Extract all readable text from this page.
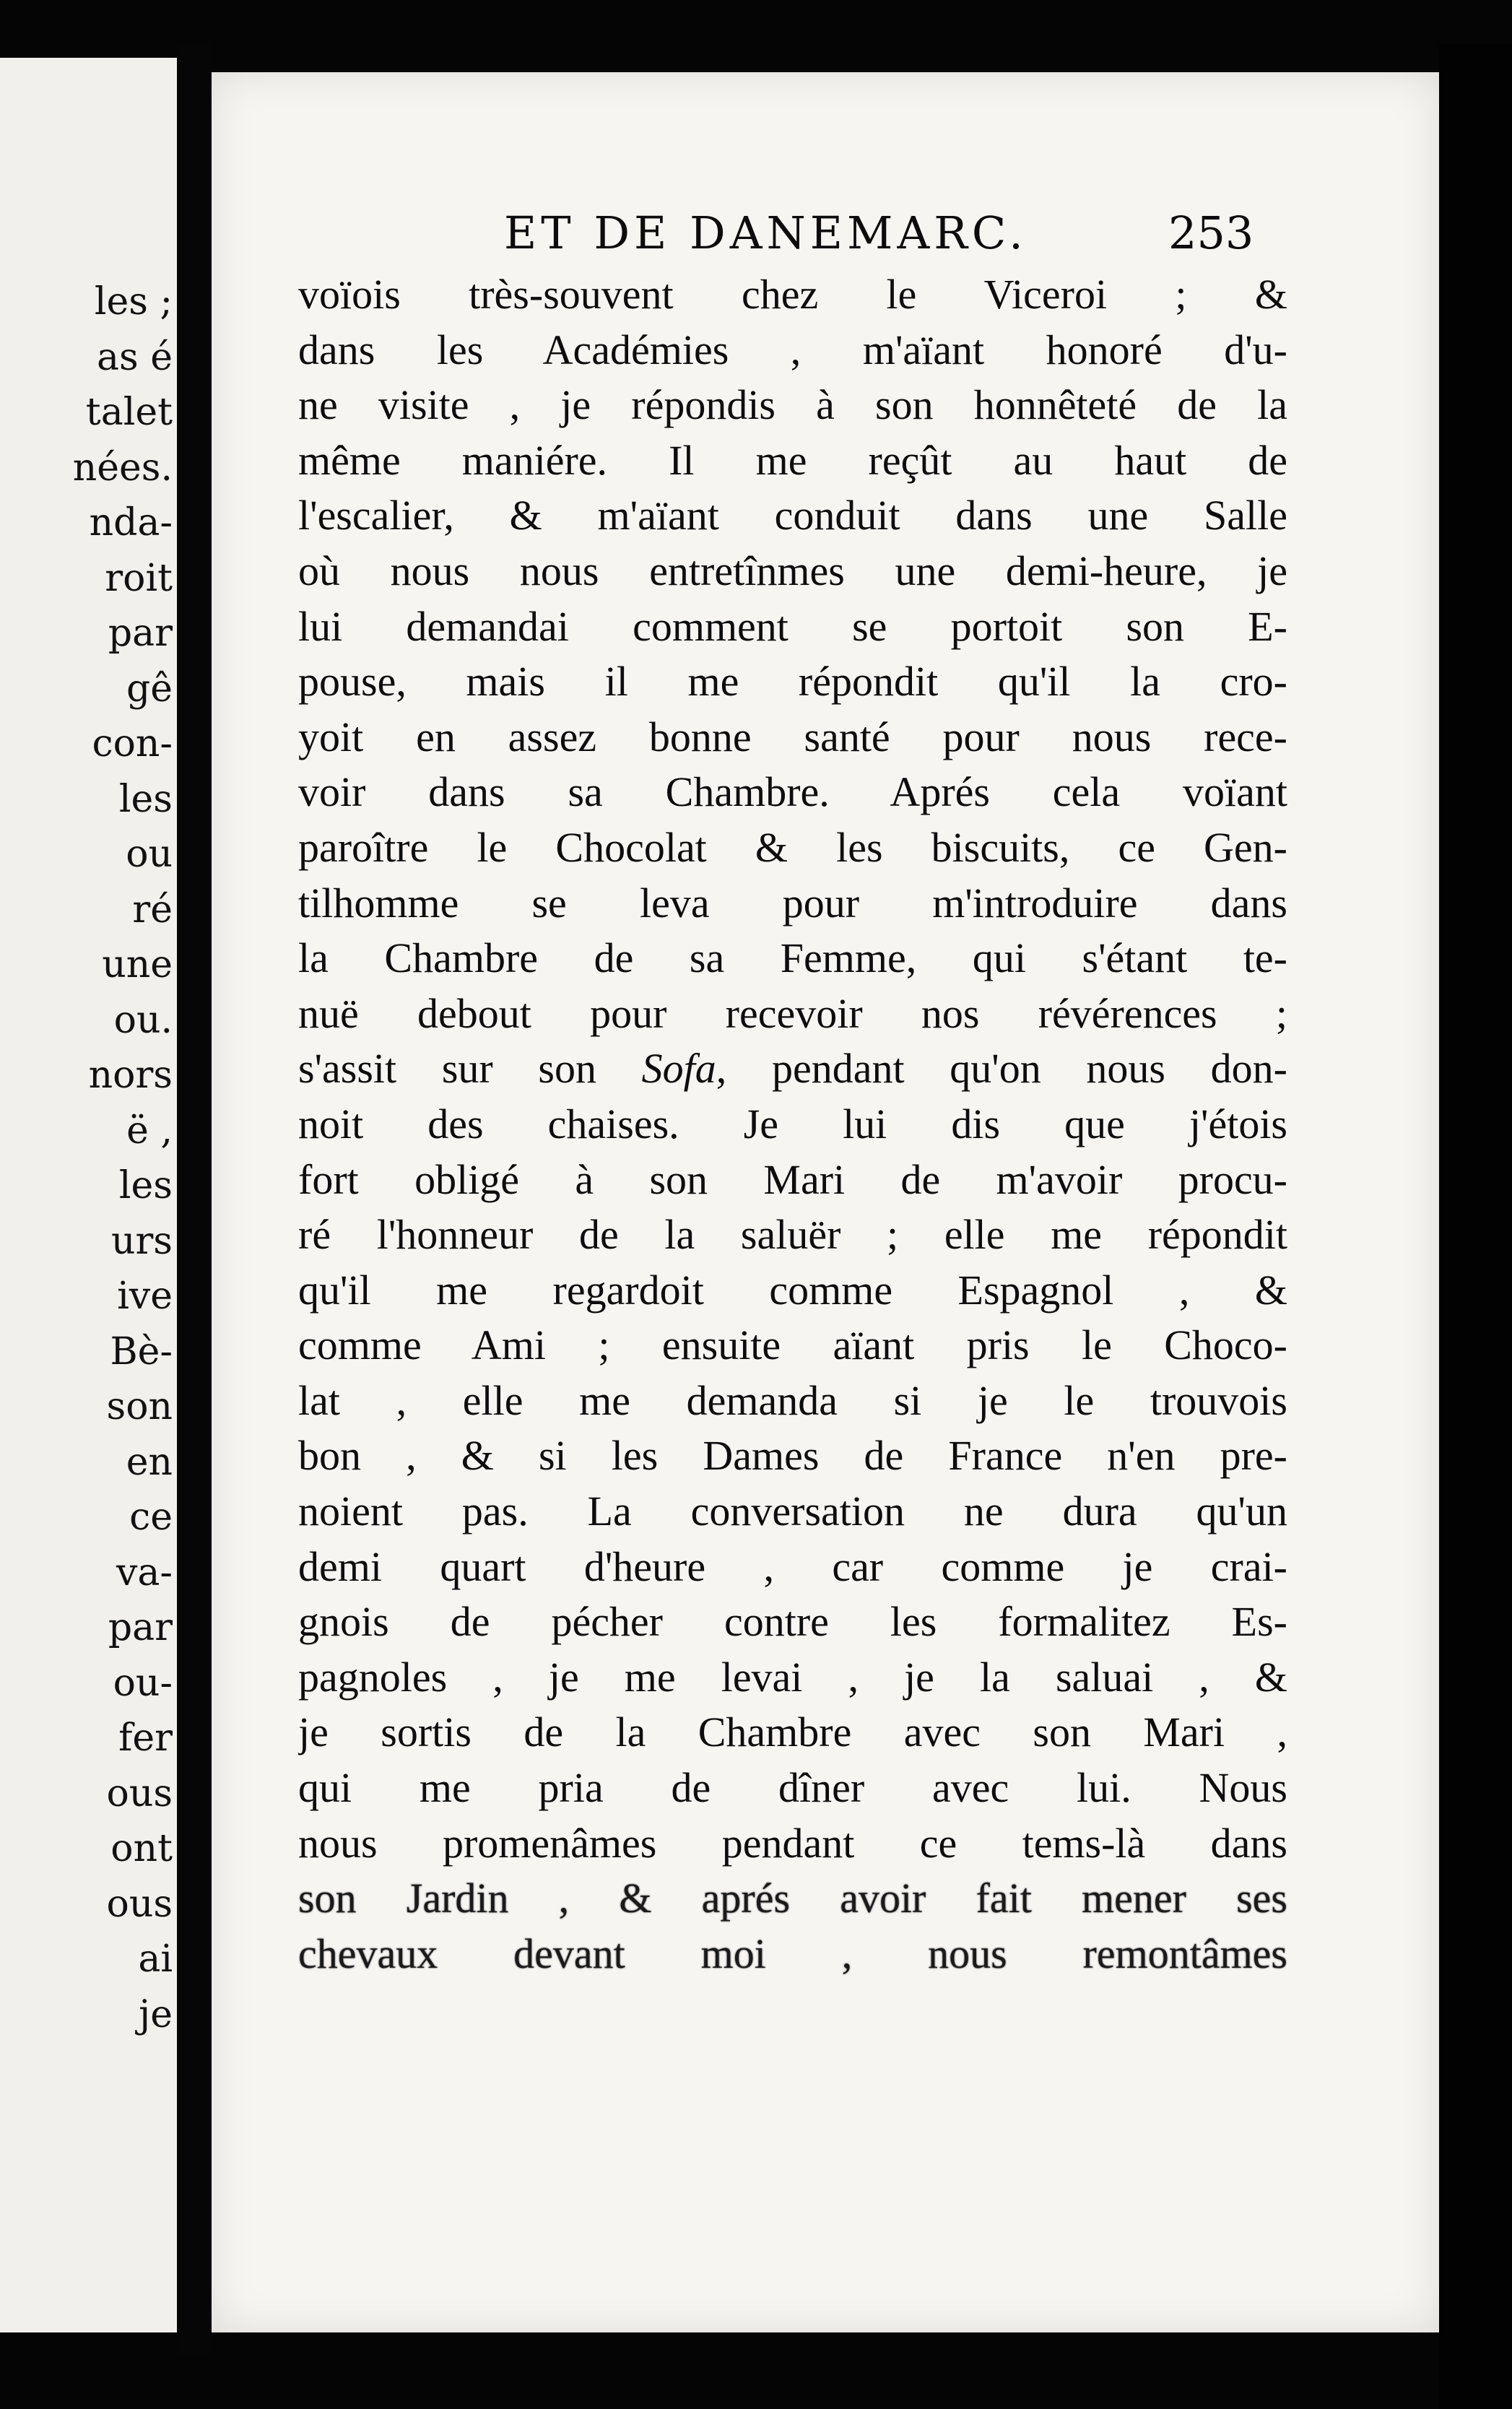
les ;
as é
talet
nées.
nda-
roit
par
gê
con-
les
ou
ré
une
ou.
nors
ë ,
les
urs
ive
Bè-
son
en
ce
va-
par
ou-
fer
ous
ont
ous
ai
je
ET DE DANEMARC.	253
voïois très-souvent chez le Viceroi ; &
dans les Académies , m'aïant honoré d'u-
ne visite , je répondis à son honnêteté de la
même maniére. Il me reçût au haut de
l'escalier, & m'aïant conduit dans une Salle
où nous nous entretînmes une demi-heure, je
lui demandai comment se portoit son E-
pouse, mais il me répondit qu'il la cro-
yoit en assez bonne santé pour nous rece-
voir dans sa Chambre. Aprés cela voïant
paroître le Chocolat & les biscuits, ce Gen-
tilhomme se leva pour m'introduire dans
la Chambre de sa Femme, qui s'étant te-
nuë debout pour recevoir nos révérences ;
s'assit sur son Sofa, pendant qu'on nous don-
noit des chaises. Je lui dis que j'étois
fort obligé à son Mari de m'avoir procu-
ré l'honneur de la saluër ; elle me répondit
qu'il me regardoit comme Espagnol , &
comme Ami ; ensuite aïant pris le Choco-
lat , elle me demanda si je le trouvois
bon , & si les Dames de France n'en pre-
noient pas. La conversation ne dura qu'un
demi quart d'heure , car comme je crai-
gnois de pécher contre les formalitez Es-
pagnoles , je me levai , je la saluai , &
je sortis de la Chambre avec son Mari ,
qui me pria de dîner avec lui. Nous
nous promenâmes pendant ce tems-là dans
son Jardin , & aprés avoir fait mener ses
chevaux devant moi , nous remontâmes
